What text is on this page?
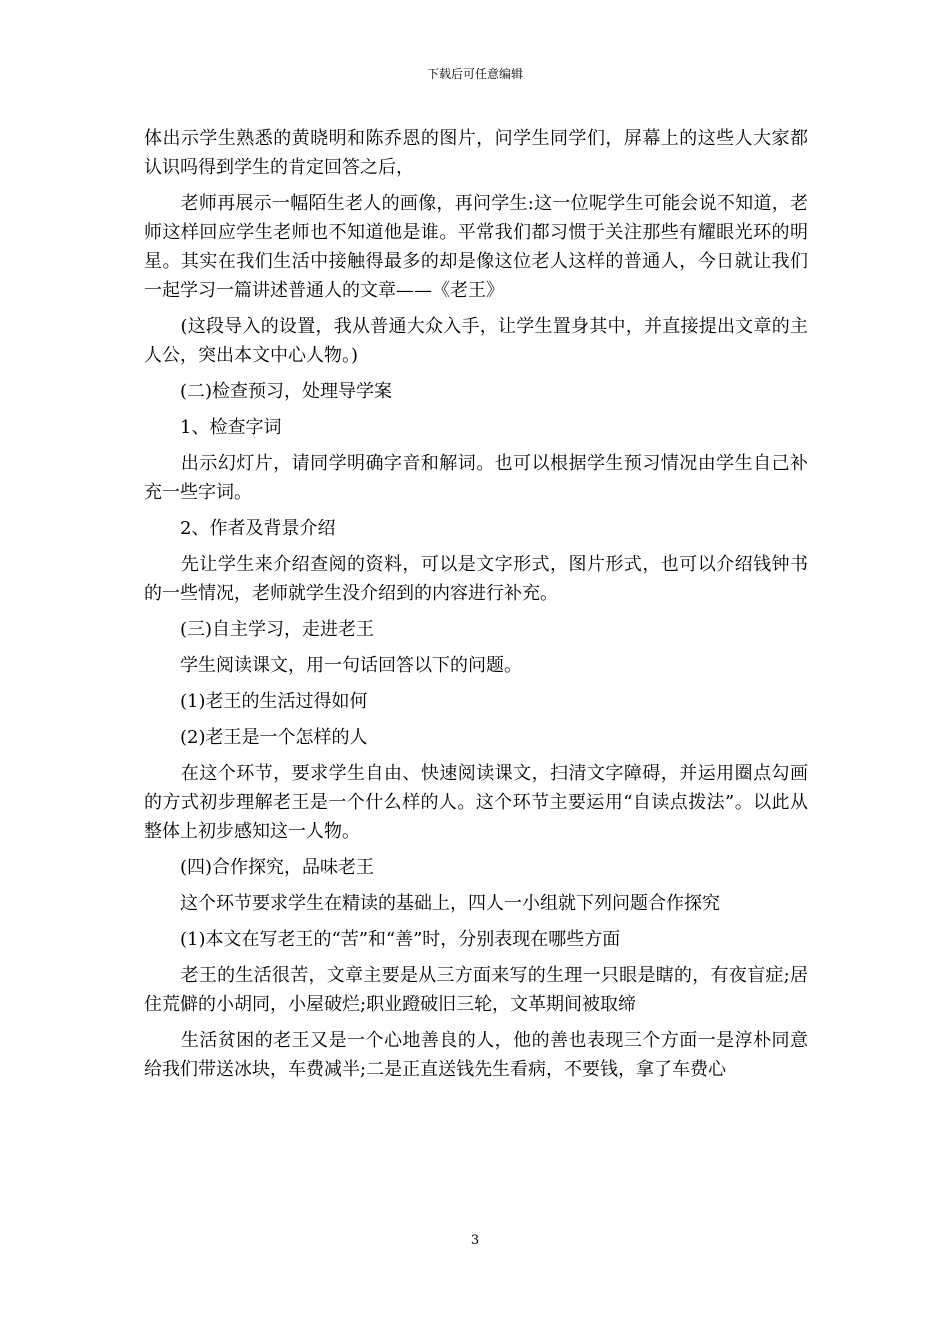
下载后可任意编辑

体出示学生熟悉的黄晓明和陈乔恩的图片，问学生同学们，屏幕上的这些人大家都认识吗得到学生的肯定回答之后，

　　老师再展示一幅陌生老人的画像，再问学生:这一位呢学生可能会说不知道，老师这样回应学生老师也不知道他是谁。平常我们都习惯于关注那些有耀眼光环的明星。其实在我们生活中接触得最多的却是像这位老人这样的普通人，今日就让我们一起学习一篇讲述普通人的文章——《老王》

　　(这段导入的设置，我从普通大众入手，让学生置身其中，并直接提出文章的主人公，突出本文中心人物。)

　　(二)检查预习，处理导学案

　　1、检查字词

　　出示幻灯片，请同学明确字音和解词。也可以根据学生预习情况由学生自己补充一些字词。

　　2、作者及背景介绍

　　先让学生来介绍查阅的资料，可以是文字形式，图片形式，也可以介绍钱钟书的一些情况，老师就学生没介绍到的内容进行补充。

　　(三)自主学习，走进老王

　　学生阅读课文，用一句话回答以下的问题。

　　(1)老王的生活过得如何

　　(2)老王是一个怎样的人

　　在这个环节，要求学生自由、快速阅读课文，扫清文字障碍，并运用圈点勾画的方式初步理解老王是一个什么样的人。这个环节主要运用“自读点拨法”。以此从整体上初步感知这一人物。

　　(四)合作探究，品味老王

　　这个环节要求学生在精读的基础上，四人一小组就下列问题合作探究

　　(1)本文在写老王的“苦”和“善”时，分别表现在哪些方面

　　老王的生活很苦，文章主要是从三方面来写的生理一只眼是瞎的，有夜盲症;居住荒僻的小胡同，小屋破烂;职业蹬破旧三轮，文革期间被取缔

　　生活贫困的老王又是一个心地善良的人，他的善也表现三个方面一是淳朴同意给我们带送冰块，车费减半;二是正直送钱先生看病，不要钱，拿了车费心

3
